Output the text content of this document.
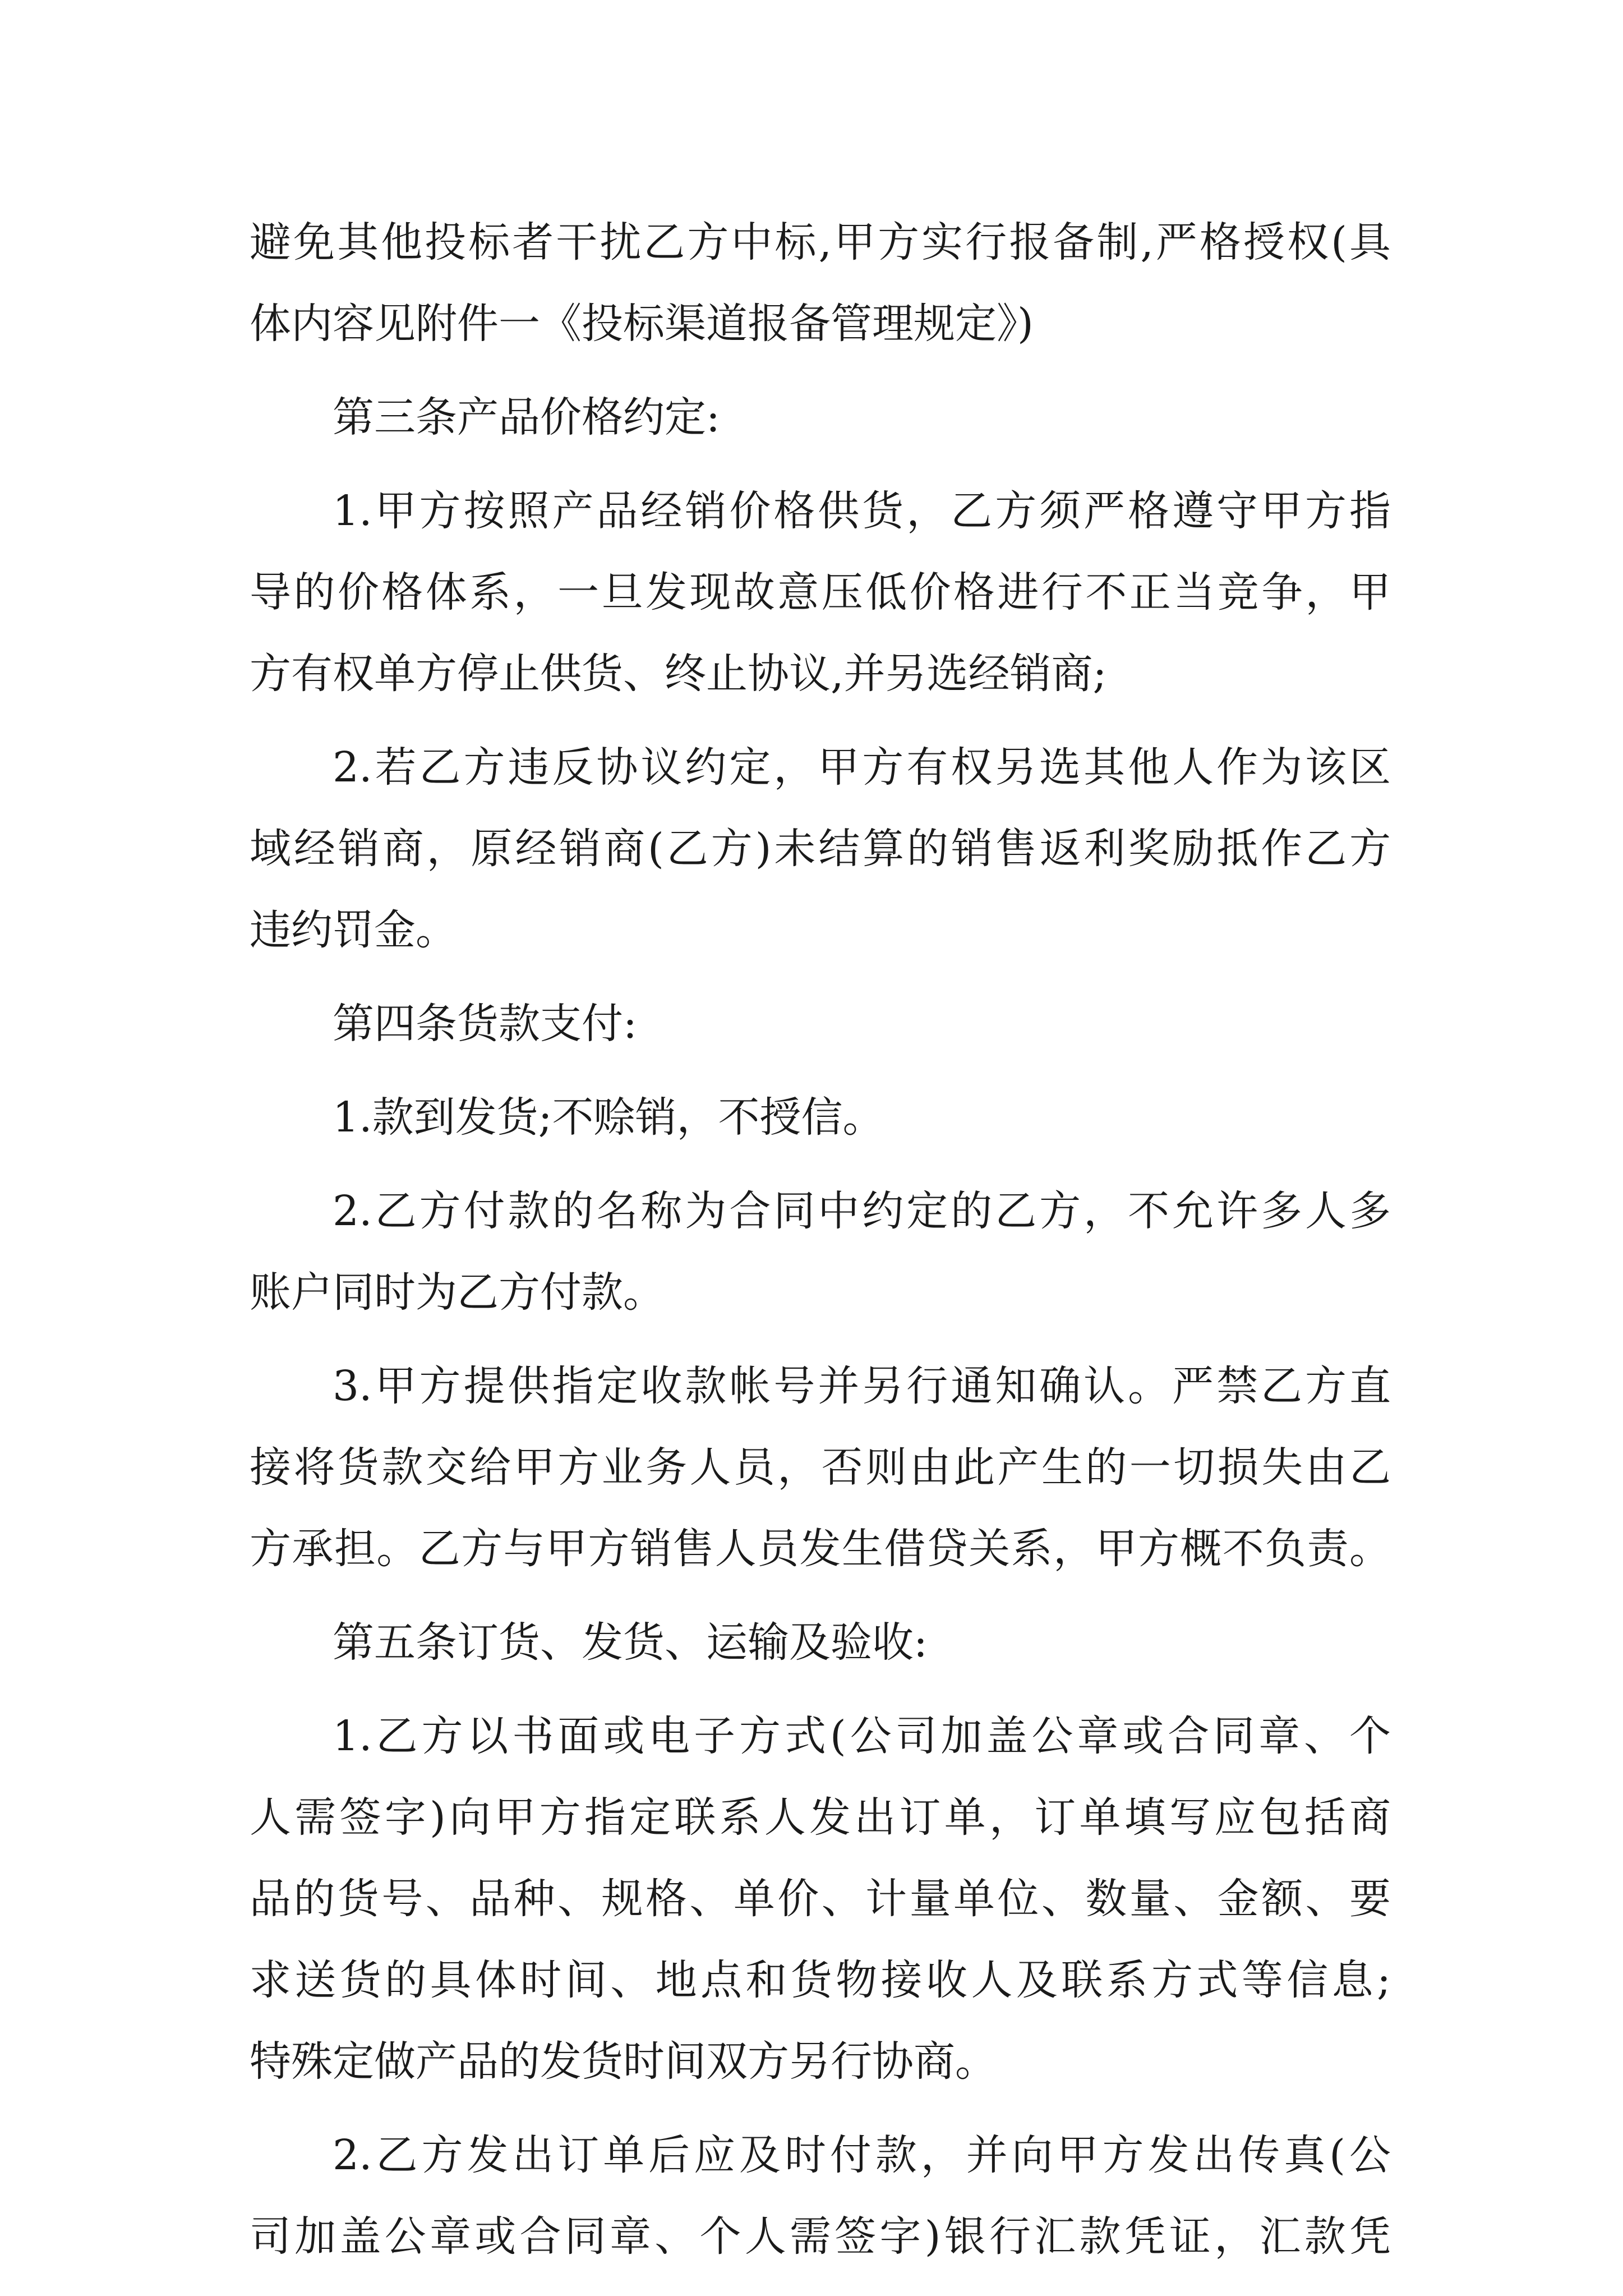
避免其他投标者干扰乙方中标,甲方实行报备制,严格授权(具
体内容见附件一《投标渠道报备管理规定》)
第三条产品价格约定:
1.甲方按照产品经销价格供货，乙方须严格遵守甲方指
导的价格体系，一旦发现故意压低价格进行不正当竞争，甲
方有权单方停止供货、终止协议,并另选经销商;
2.若乙方违反协议约定，甲方有权另选其他人作为该区
域经销商，原经销商(乙方)未结算的销售返利奖励抵作乙方
违约罚金。
第四条货款支付:
1.款到发货;不赊销，不授信。
2.乙方付款的名称为合同中约定的乙方，不允许多人多
账户同时为乙方付款。
3.甲方提供指定收款帐号并另行通知确认。严禁乙方直
接将货款交给甲方业务人员，否则由此产生的一切损失由乙
方承担。乙方与甲方销售人员发生借贷关系，甲方概不负责。
第五条订货、发货、运输及验收:
1.乙方以书面或电子方式(公司加盖公章或合同章、个
人需签字)向甲方指定联系人发出订单，订单填写应包括商
品的货号、品种、规格、单价、计量单位、数量、金额、要
求送货的具体时间、地点和货物接收人及联系方式等信息;
特殊定做产品的发货时间双方另行协商。
2.乙方发出订单后应及时付款，并向甲方发出传真(公
司加盖公章或合同章、个人需签字)银行汇款凭证，汇款凭
